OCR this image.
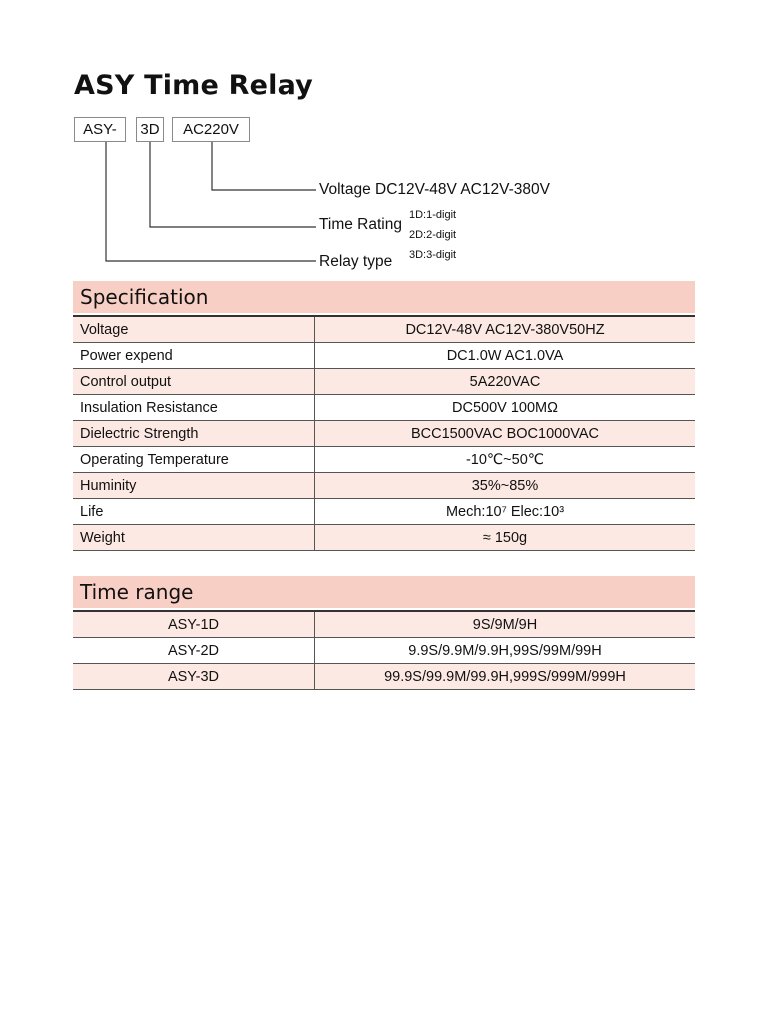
ASY Time Relay
ASY-	3D	AC220V
Voltage DC12V-48V AC12V-380V
Time Rating
Relay type
1D:1-digit
2D:2-digit
3D:3-digit
Specification
Voltage	DC12V-48V AC12V-380V50HZ
Power expend	DC1.0W AC1.0VA
Control output	5A220VAC
Insulation Resistance	DC500V 100MΩ
Dielectric Strength	BCC1500VAC BOC1000VAC
Operating Temperature	-10℃~50℃
Huminity	35%~85%
Life	Mech:10⁷ Elec:10³
Weight	≈ 150g
Time range
ASY-1D	9S/9M/9H
ASY-2D	9.9S/9.9M/9.9H,99S/99M/99H
ASY-3D	99.9S/99.9M/99.9H,999S/999M/999H
